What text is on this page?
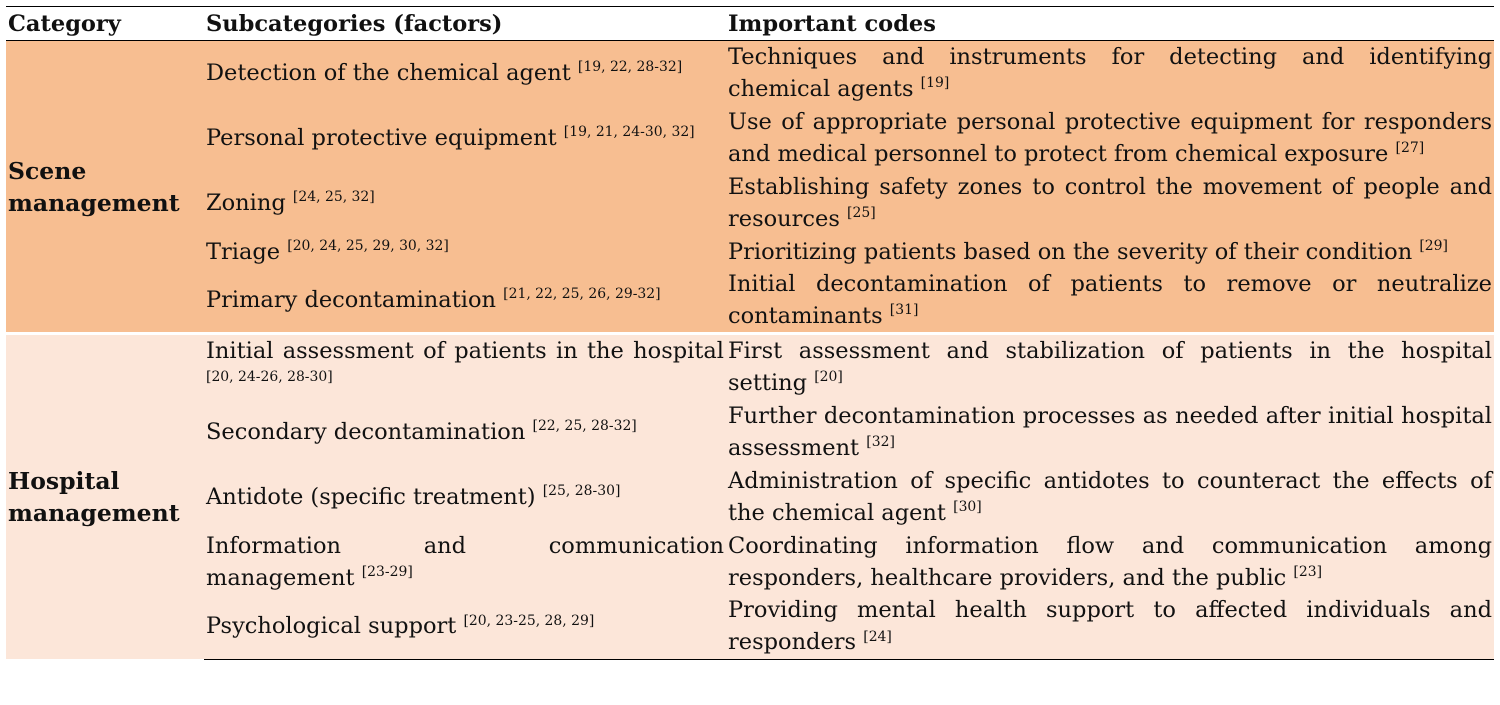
Category	Subcategories (factors)	Important codes
Scene management	Detection of the chemical agent [19, 22, 28-32]	Techniques and instruments for detecting and identifying chemical agents [19]
	Personal protective equipment [19, 21, 24-30, 32]	Use of appropriate personal protective equipment for responders and medical personnel to protect from chemical exposure [27]
	Zoning [24, 25, 32]	Establishing safety zones to control the movement of people and resources [25]
	Triage [20, 24, 25, 29, 30, 32]	Prioritizing patients based on the severity of their condition [29]
	Primary decontamination [21, 22, 25, 26, 29-32]	Initial decontamination of patients to remove or neutralize contaminants [31]
Hospital management	Initial assessment of patients in the hospital [20, 24-26, 28-30]	First assessment and stabilization of patients in the hospital setting [20]
	Secondary decontamination [22, 25, 28-32]	Further decontamination processes as needed after initial hospital assessment [32]
	Antidote (specific treatment) [25, 28-30]	Administration of specific antidotes to counteract the effects of the chemical agent [30]
	Information and communication management [23-29]	Coordinating information flow and communication among responders, healthcare providers, and the public [23]
	Psychological support [20, 23-25, 28, 29]	Providing mental health support to affected individuals and responders [24]
